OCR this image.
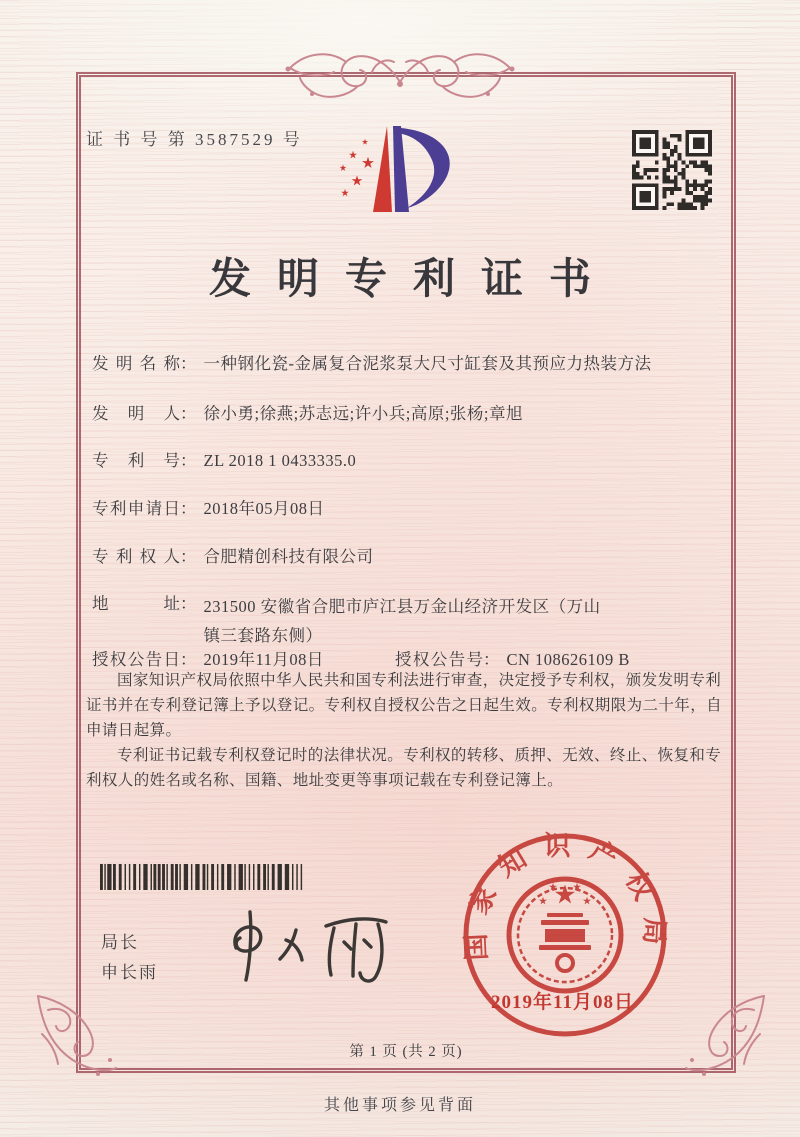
证 书 号 第 3587529 号
发明专利证书
发明名称： 一种钢化瓷-金属复合泥浆泵大尺寸缸套及其预应力热装方法
发明人： 徐小勇;徐燕;苏志远;许小兵;高原;张杨;章旭
专利号： ZL 2018 1 0433335.0
专利申请日： 2018年05月08日
专利权人： 合肥精创科技有限公司
地址： 231500 安徽省合肥市庐江县万金山经济开发区（万山镇三套路东侧）
授权公告日： 2019年11月08日	授权公告号： CN 108626109 B

国家知识产权局依照中华人民共和国专利法进行审查，决定授予专利权，颁发发明专利证书并在专利登记簿上予以登记。专利权自授权公告之日起生效。专利权期限为二十年，自申请日起算。

专利证书记载专利权登记时的法律状况。专利权的转移、质押、无效、终止、恢复和专利权人的姓名或名称、国籍、地址变更等事项记载在专利登记簿上。

局长
申长雨
国家知识产权局
2019年11月08日
第 1 页 (共 2 页)
其他事项参见背面
